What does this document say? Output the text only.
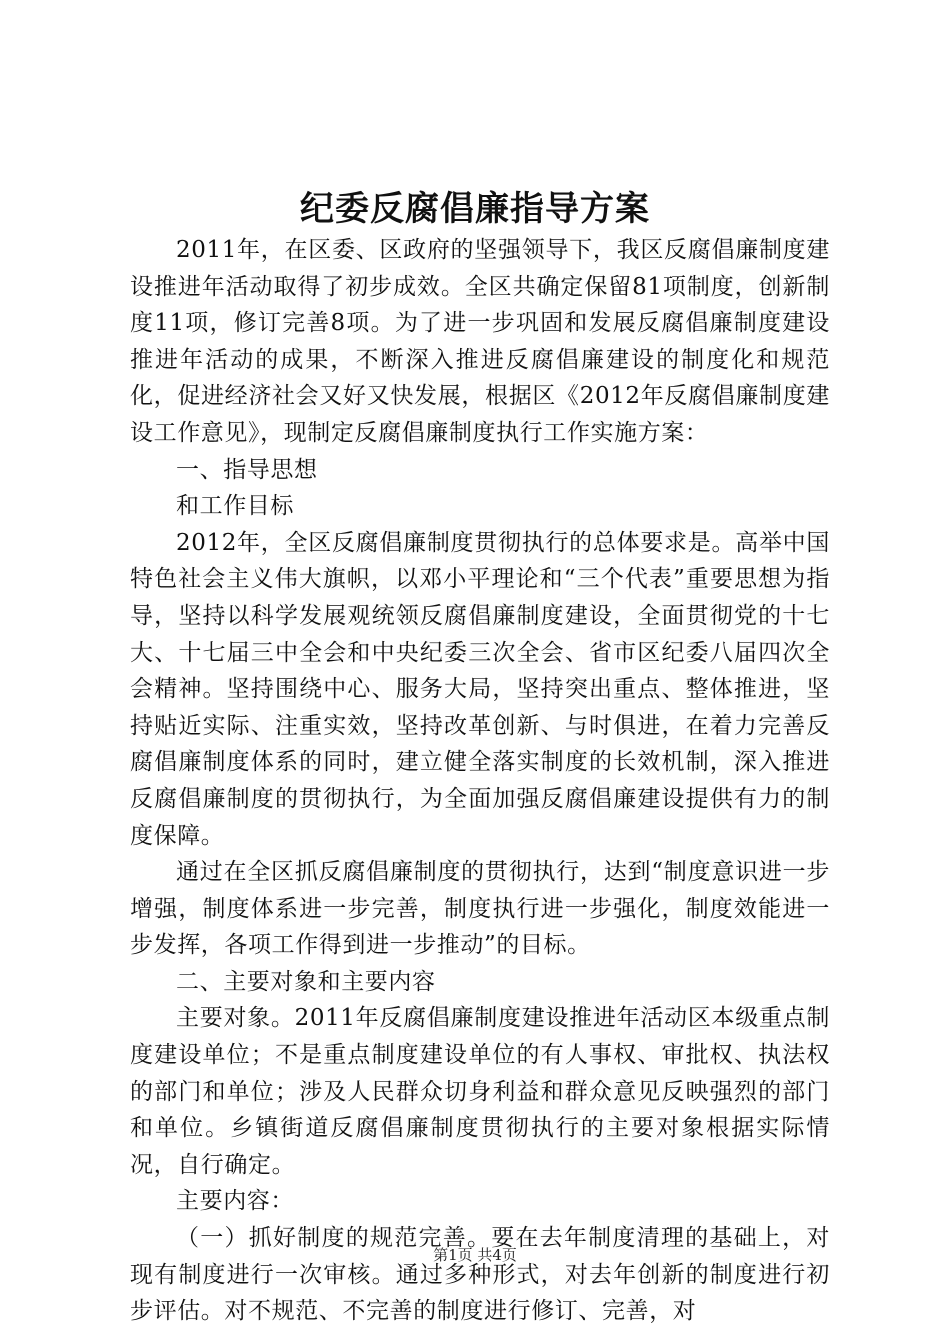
纪委反腐倡廉指导方案

2011年，在区委、区政府的坚强领导下，我区反腐倡廉制度建设推进年活动取得了初步成效。全区共确定保留81项制度，创新制度11项，修订完善8项。为了进一步巩固和发展反腐倡廉制度建设推进年活动的成果，不断深入推进反腐倡廉建设的制度化和规范化，促进经济社会又好又快发展，根据区《2012年反腐倡廉制度建设工作意见》，现制定反腐倡廉制度执行工作实施方案：

一、指导思想

和工作目标

2012年，全区反腐倡廉制度贯彻执行的总体要求是。高举中国特色社会主义伟大旗帜，以邓小平理论和“三个代表”重要思想为指导，坚持以科学发展观统领反腐倡廉制度建设，全面贯彻党的十七大、十七届三中全会和中央纪委三次全会、省市区纪委八届四次全会精神。坚持围绕中心、服务大局，坚持突出重点、整体推进，坚持贴近实际、注重实效，坚持改革创新、与时俱进，在着力完善反腐倡廉制度体系的同时，建立健全落实制度的长效机制，深入推进反腐倡廉制度的贯彻执行，为全面加强反腐倡廉建设提供有力的制度保障。

通过在全区抓反腐倡廉制度的贯彻执行，达到“制度意识进一步增强，制度体系进一步完善，制度执行进一步强化，制度效能进一步发挥，各项工作得到进一步推动”的目标。

二、主要对象和主要内容

主要对象。2011年反腐倡廉制度建设推进年活动区本级重点制度建设单位；不是重点制度建设单位的有人事权、审批权、执法权的部门和单位；涉及人民群众切身利益和群众意见反映强烈的部门和单位。乡镇街道反腐倡廉制度贯彻执行的主要对象根据实际情况，自行确定。

主要内容：

（一）抓好制度的规范完善。要在去年制度清理的基础上，对现有制度进行一次审核。通过多种形式，对去年创新的制度进行初步评估。对不规范、不完善的制度进行修订、完善，对

第1页 共4页
